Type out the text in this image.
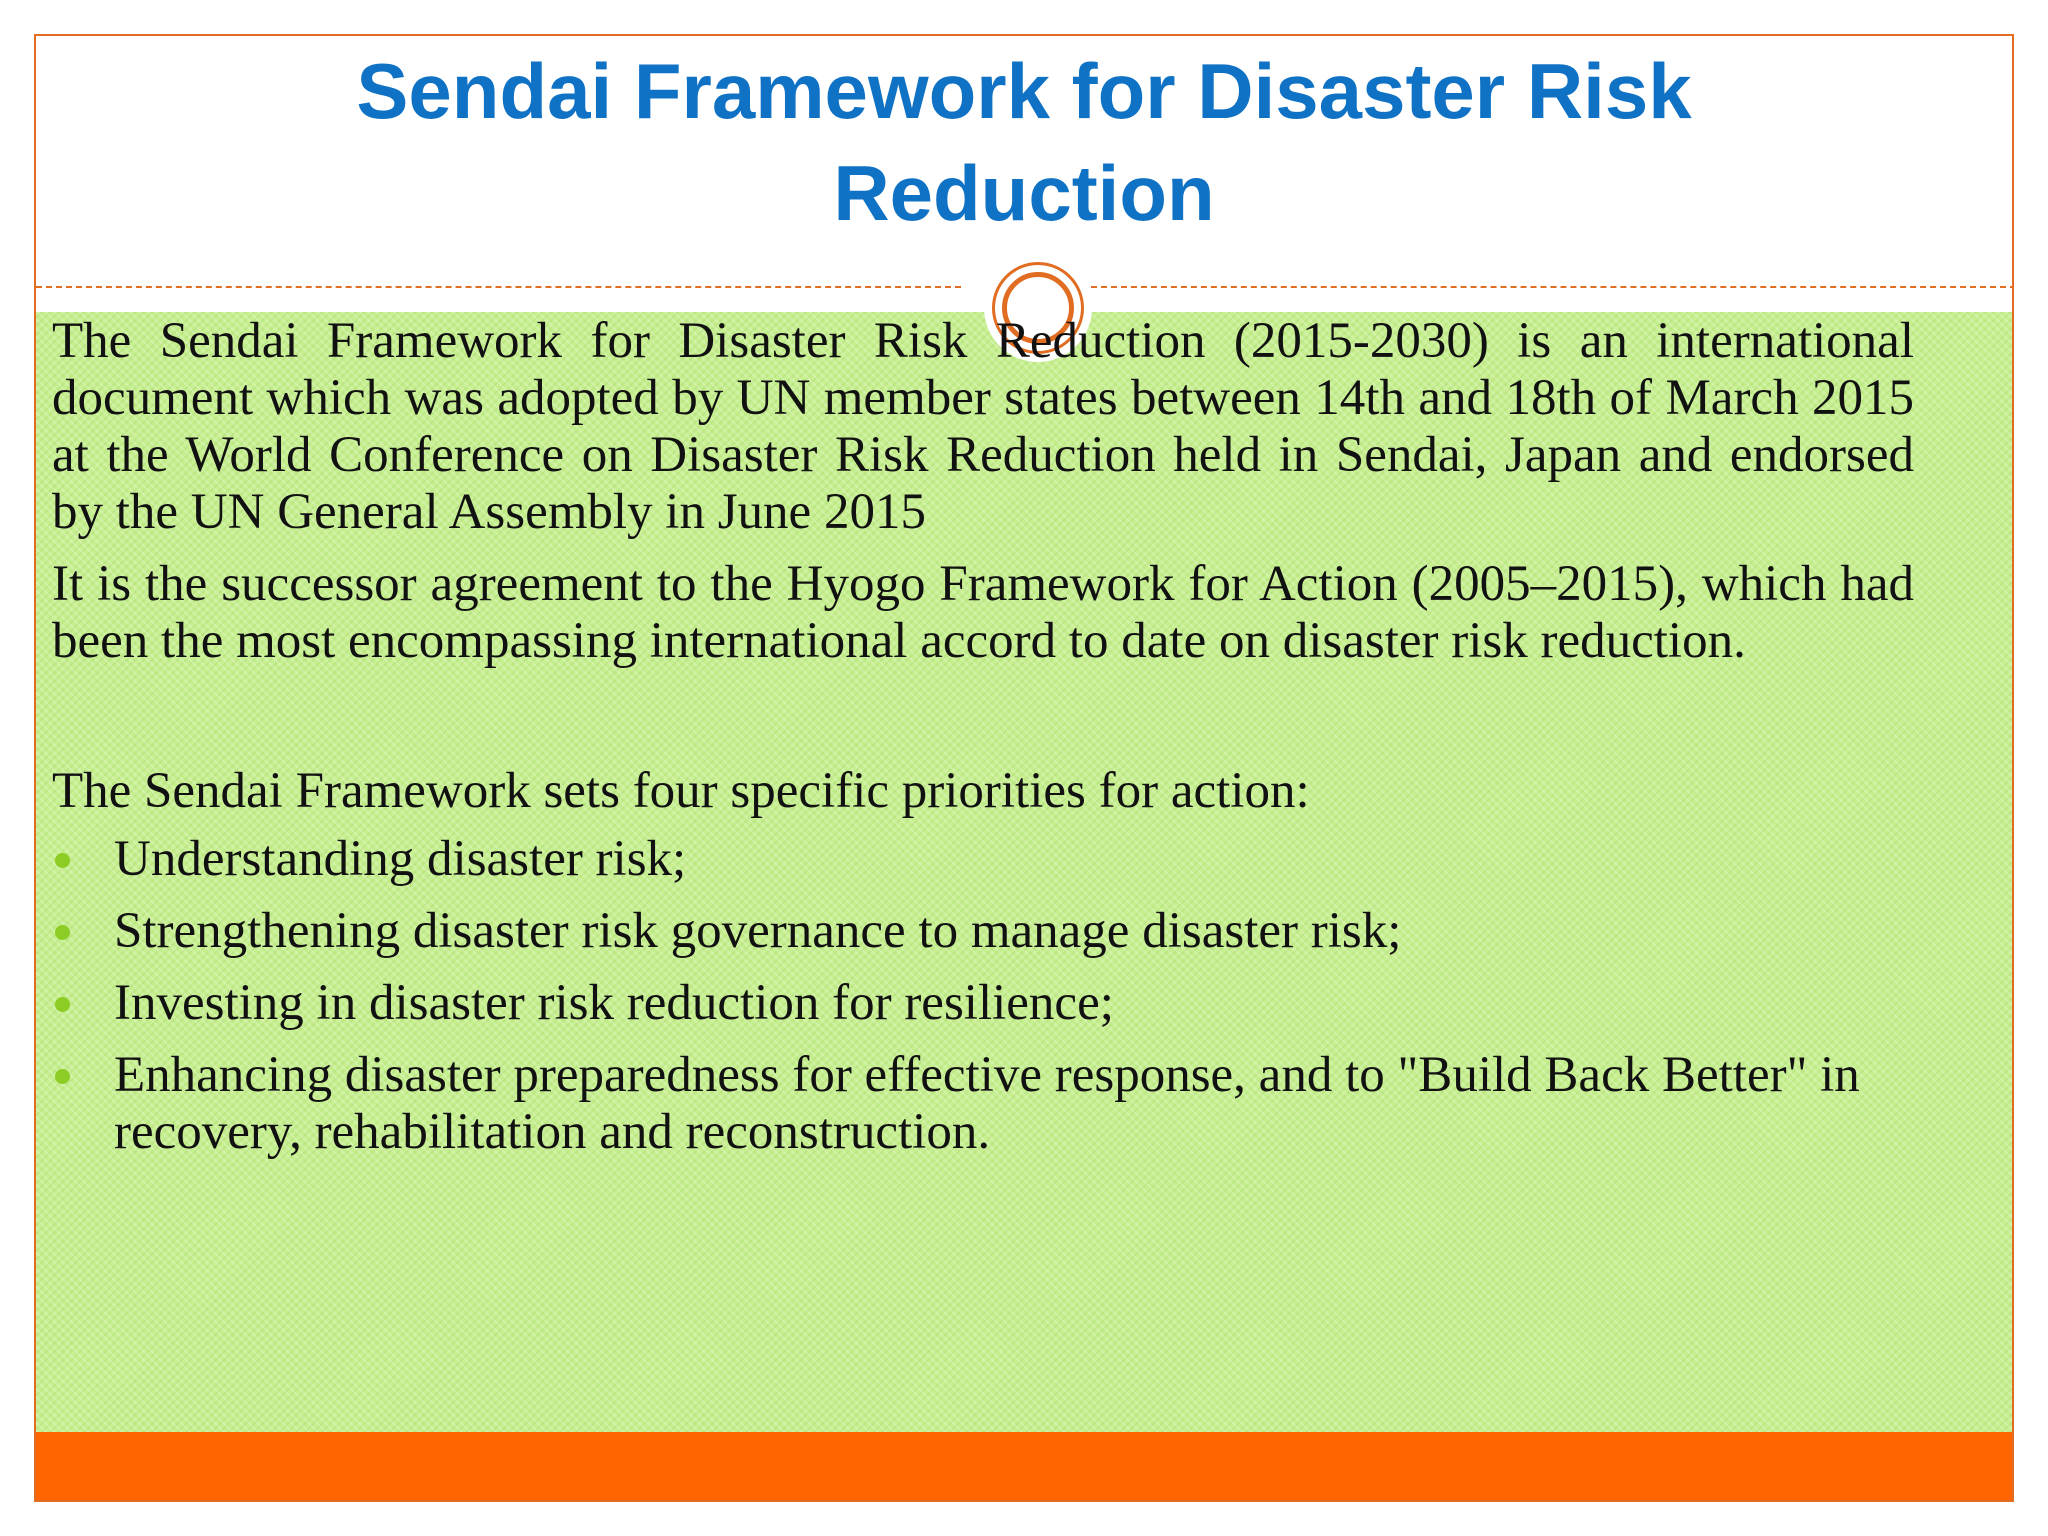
Sendai Framework for Disaster Risk
Reduction

The Sendai Framework for Disaster Risk Reduction (2015-2030) is an international document which was adopted by UN member states between 14th and 18th of March 2015 at the World Conference on Disaster Risk Reduction held in Sendai, Japan and endorsed by the UN General Assembly in June 2015

It is the successor agreement to the Hyogo Framework for Action (2005–2015), which had been the most encompassing international accord to date on disaster risk reduction.

The Sendai Framework sets four specific priorities for action:

Understanding disaster risk;
Strengthening disaster risk governance to manage disaster risk;
Investing in disaster risk reduction for resilience;
Enhancing disaster preparedness for effective response, and to "Build Back Better" in recovery, rehabilitation and reconstruction.
